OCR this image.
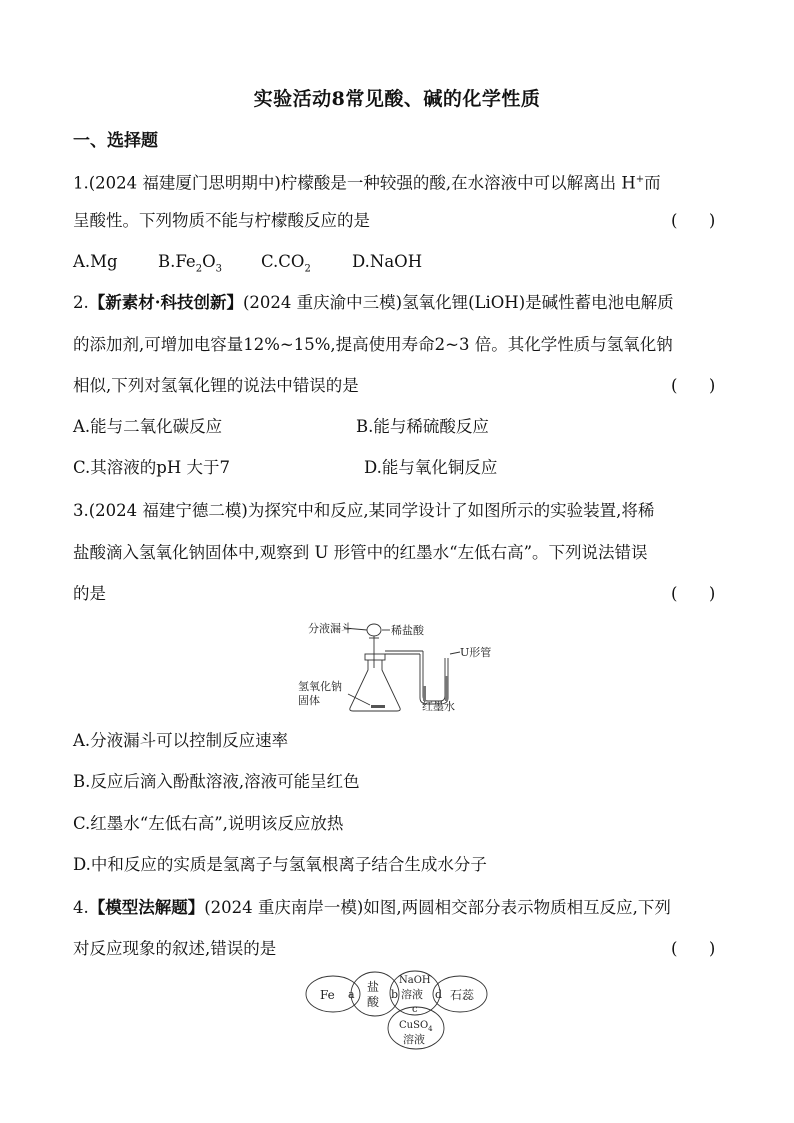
实验活动8常见酸、碱的化学性质
一、选择题
1.(2024 福建厦门思明期中)柠檬酸是一种较强的酸,在水溶液中可以解离出 H+而
呈酸性。下列物质不能与柠檬酸反应的是	(      )
A.Mg $B.Fe_2O_3$ $C.CO_2$ D.NaOH
2.【新素材·科技创新】(2024 重庆渝中三模)氢氧化锂(LiOH)是碱性蓄电池电解质
的添加剂,可增加电容量12%~15%,提高使用寿命2~3 倍。其化学性质与氢氧化钠
相似,下列对氢氧化锂的说法中错误的是	(      )
A.能与二氧化碳反应	B.能与稀硫酸反应
C.其溶液的pH 大于7	D.能与氧化铜反应
3.(2024 福建宁德二模)为探究中和反应,某同学设计了如图所示的实验装置,将稀
盐酸滴入氢氧化钠固体中,观察到 U 形管中的红墨水“左低右高”。下列说法错误
的是	(      )
分液漏斗	稀盐酸
U形管
氢氧化钠
固体	红墨水
A.分液漏斗可以控制反应速率
B.反应后滴入酚酞溶液,溶液可能呈红色
C.红墨水“左低右高”,说明该反应放热
D.中和反应的实质是氢离子与氢氧根离子结合生成水分子
4.【模型法解题】(2024 重庆南岸一模)如图,两圆相交部分表示物质相互反应,下列
对反应现象的叙述,错误的是	(      )
Fe a
盐
酸
b
NaOH
溶液
c
d 石蕊
CuSO$_4$
溶液
